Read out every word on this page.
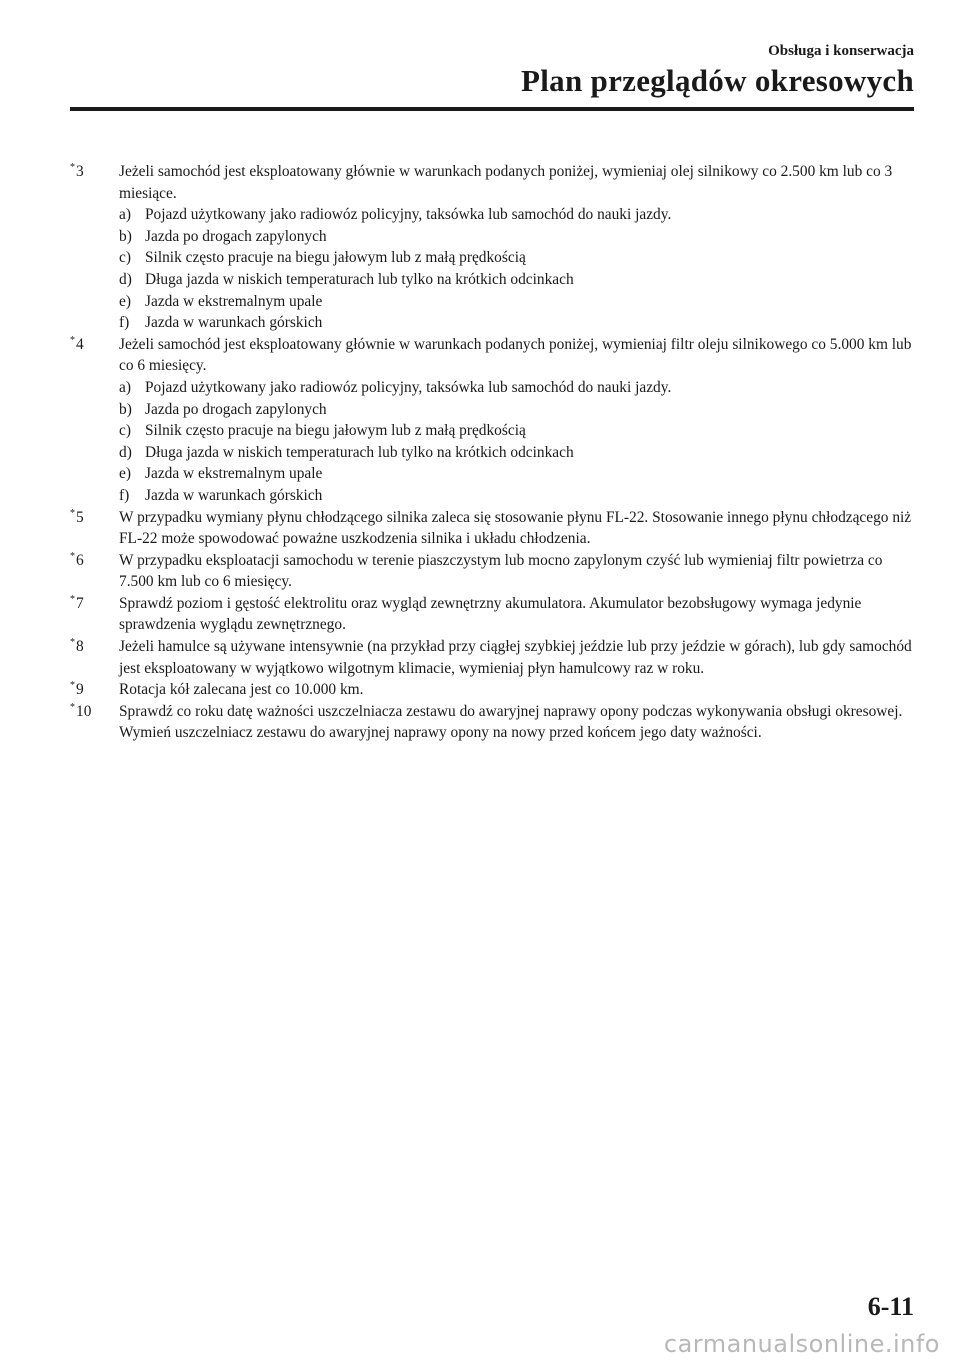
Obsługa i konserwacja
Plan przeglądów okresowych
*3 Jeżeli samochód jest eksploatowany głównie w warunkach podanych poniżej, wymieniaj olej silnikowy co 2.500 km lub co 3 miesiące.
a) Pojazd użytkowany jako radiowóz policyjny, taksówka lub samochód do nauki jazdy.
b) Jazda po drogach zapylonych
c) Silnik często pracuje na biegu jałowym lub z małą prędkością
d) Długa jazda w niskich temperaturach lub tylko na krótkich odcinkach
e) Jazda w ekstremalnym upale
f) Jazda w warunkach górskich
*4 Jeżeli samochód jest eksploatowany głównie w warunkach podanych poniżej, wymieniaj filtr oleju silnikowego co 5.000 km lub co 6 miesięcy.
a) Pojazd użytkowany jako radiowóz policyjny, taksówka lub samochód do nauki jazdy.
b) Jazda po drogach zapylonych
c) Silnik często pracuje na biegu jałowym lub z małą prędkością
d) Długa jazda w niskich temperaturach lub tylko na krótkich odcinkach
e) Jazda w ekstremalnym upale
f) Jazda w warunkach górskich
*5 W przypadku wymiany płynu chłodzącego silnika zaleca się stosowanie płynu FL-22. Stosowanie innego płynu chłodzącego niż FL-22 może spowodować poważne uszkodzenia silnika i układu chłodzenia.
*6 W przypadku eksploatacji samochodu w terenie piaszczystym lub mocno zapylonym czyść lub wymieniaj filtr powietrza co 7.500 km lub co 6 miesięcy.
*7 Sprawdź poziom i gęstość elektrolitu oraz wygląd zewnętrzny akumulatora. Akumulator bezobsługowy wymaga jedynie sprawdzenia wyglądu zewnętrznego.
*8 Jeżeli hamulce są używane intensywnie (na przykład przy ciągłej szybkiej jeździe lub przy jeździe w górach), lub gdy samochód jest eksploatowany w wyjątkowo wilgotnym klimacie, wymieniaj płyn hamulcowy raz w roku.
*9 Rotacja kół zalecana jest co 10.000 km.
*10 Sprawdź co roku datę ważności uszczelniacza zestawu do awaryjnej naprawy opony podczas wykonywania obsługi okresowej. Wymień uszczelniacz zestawu do awaryjnej naprawy opony na nowy przed końcem jego daty ważności.
6-11
carmanualsonline.info
